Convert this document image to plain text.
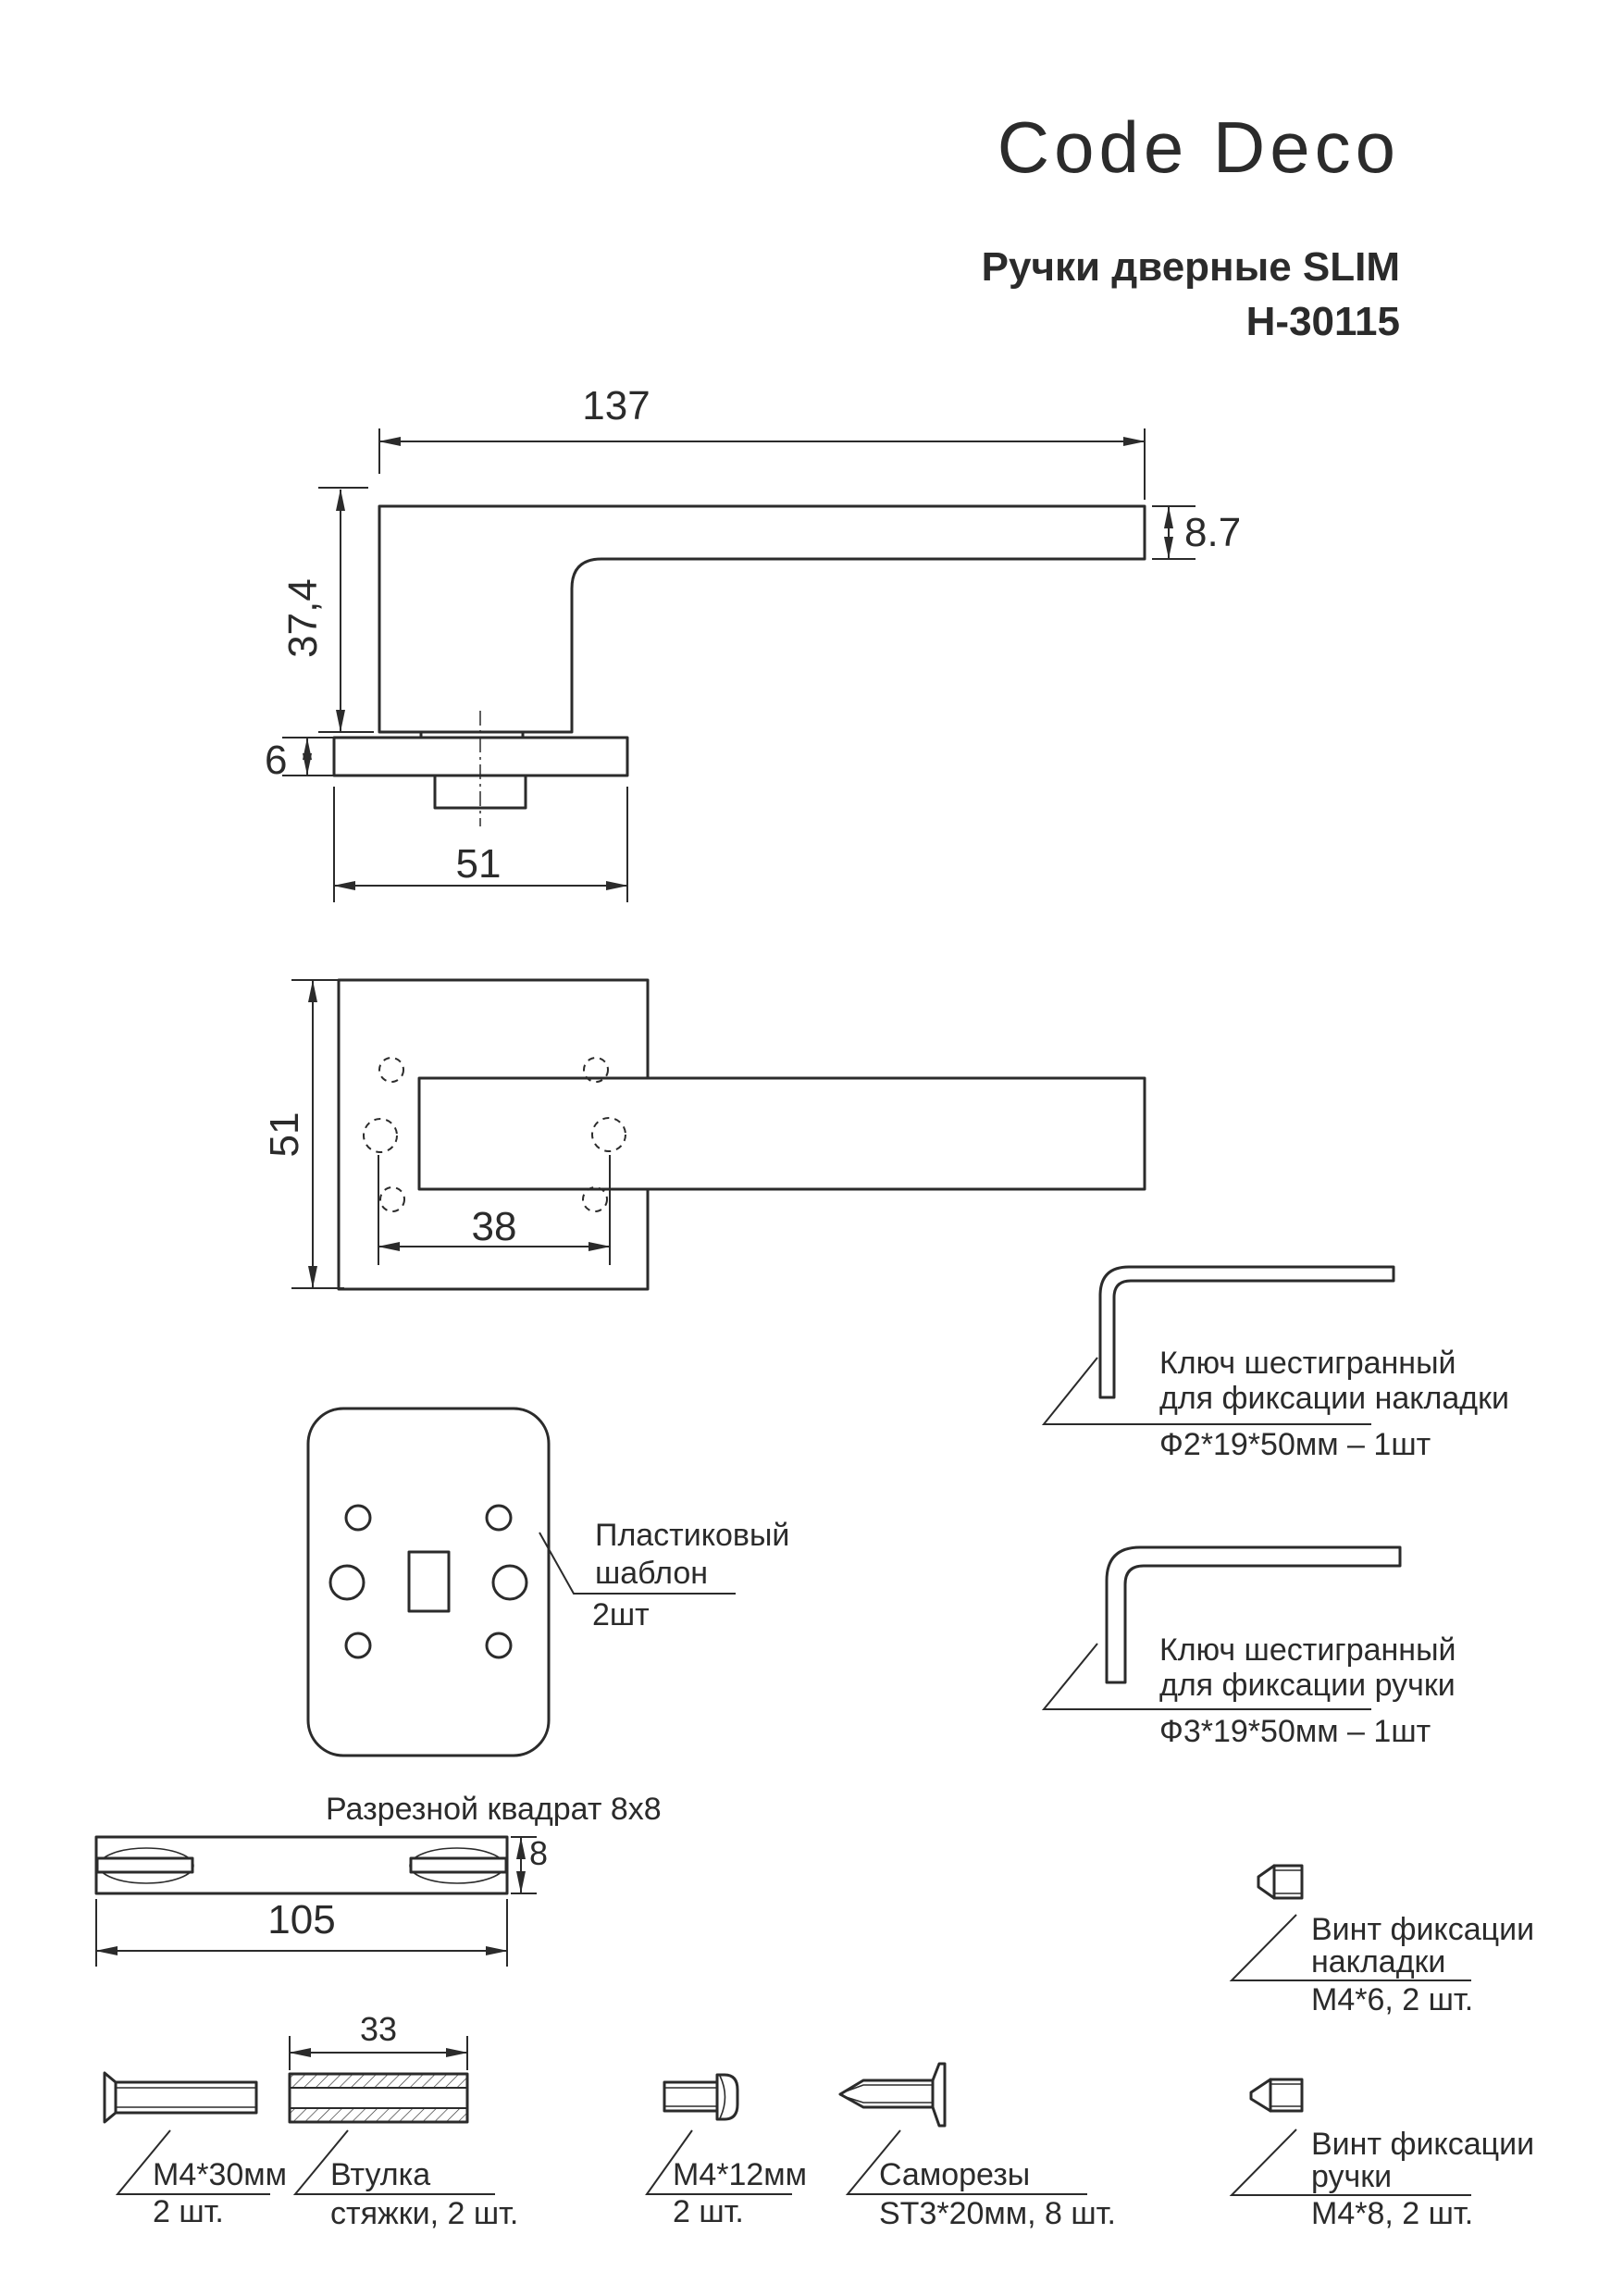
Code Deco
Ручки дверные SLIM
Н-30115
137
37,4
6
51
8.7
51
38
Ключ шестигранный
для фиксации накладки
Ф2*19*50мм – 1шт
Ключ шестигранный
для фиксации ручки
Ф3*19*50мм – 1шт
Пластиковый
шаблон
2шт
Разрезной квадрат 8х8
8
105
М4*30мм
2 шт.
33
Втулка
стяжки, 2 шт.
М4*12мм
2 шт.
Саморезы
ST3*20мм, 8 шт.
Винт фиксации
накладки
М4*6, 2 шт.
Винт фиксации
ручки
М4*8, 2 шт.
